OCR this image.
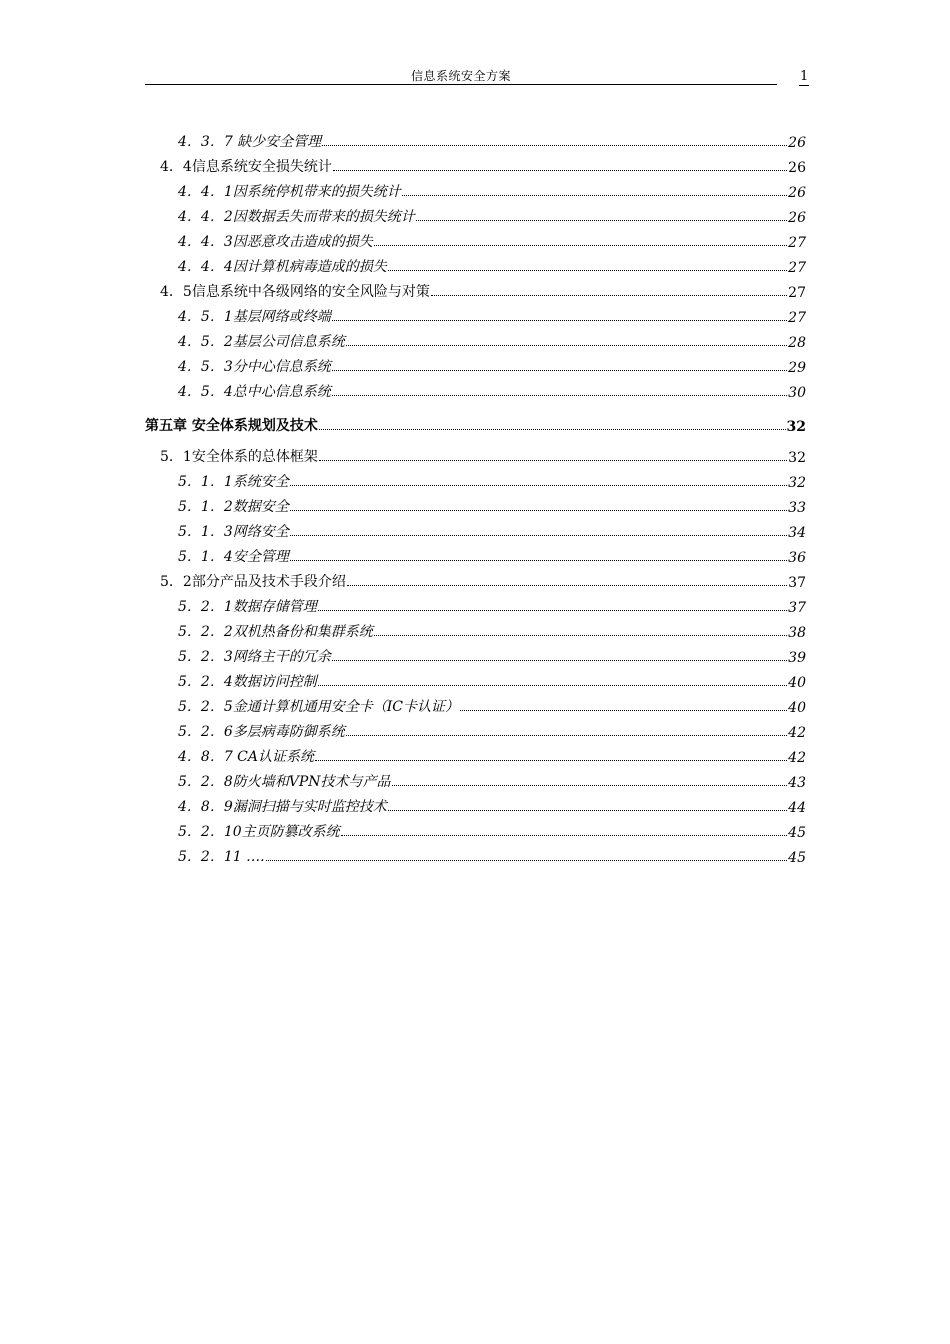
信息系统安全方案	1
4．3．7 缺少安全管理	26
4．4信息系统安全损失统计	26
4．4．1因系统停机带来的损失统计	26
4．4．2因数据丢失而带来的损失统计	26
4．4．3因恶意攻击造成的损失	27
4．4．4因计算机病毒造成的损失	27
4．5信息系统中各级网络的安全风险与对策	27
4．5．1基层网络或终端	27
4．5．2基层公司信息系统	28
4．5．3分中心信息系统	29
4．5．4总中心信息系统	30
第五章 安全体系规划及技术	32
5．1安全体系的总体框架	32
5．1．1系统安全	32
5．1．2数据安全	33
5．1．3网络安全	34
5．1．4安全管理	36
5．2部分产品及技术手段介绍	37
5．2．1数据存储管理	37
5．2．2双机热备份和集群系统	38
5．2．3网络主干的冗余	39
5．2．4数据访问控制	40
5．2．5金通计算机通用安全卡（IC卡认证）	40
5．2．6多层病毒防御系统	42
4．8．7 CA认证系统	42
5．2．8防火墙和VPN技术与产品	43
4．8．9漏洞扫描与实时监控技术	44
5．2．10主页防篡改系统	45
5．2．11 ….	45
